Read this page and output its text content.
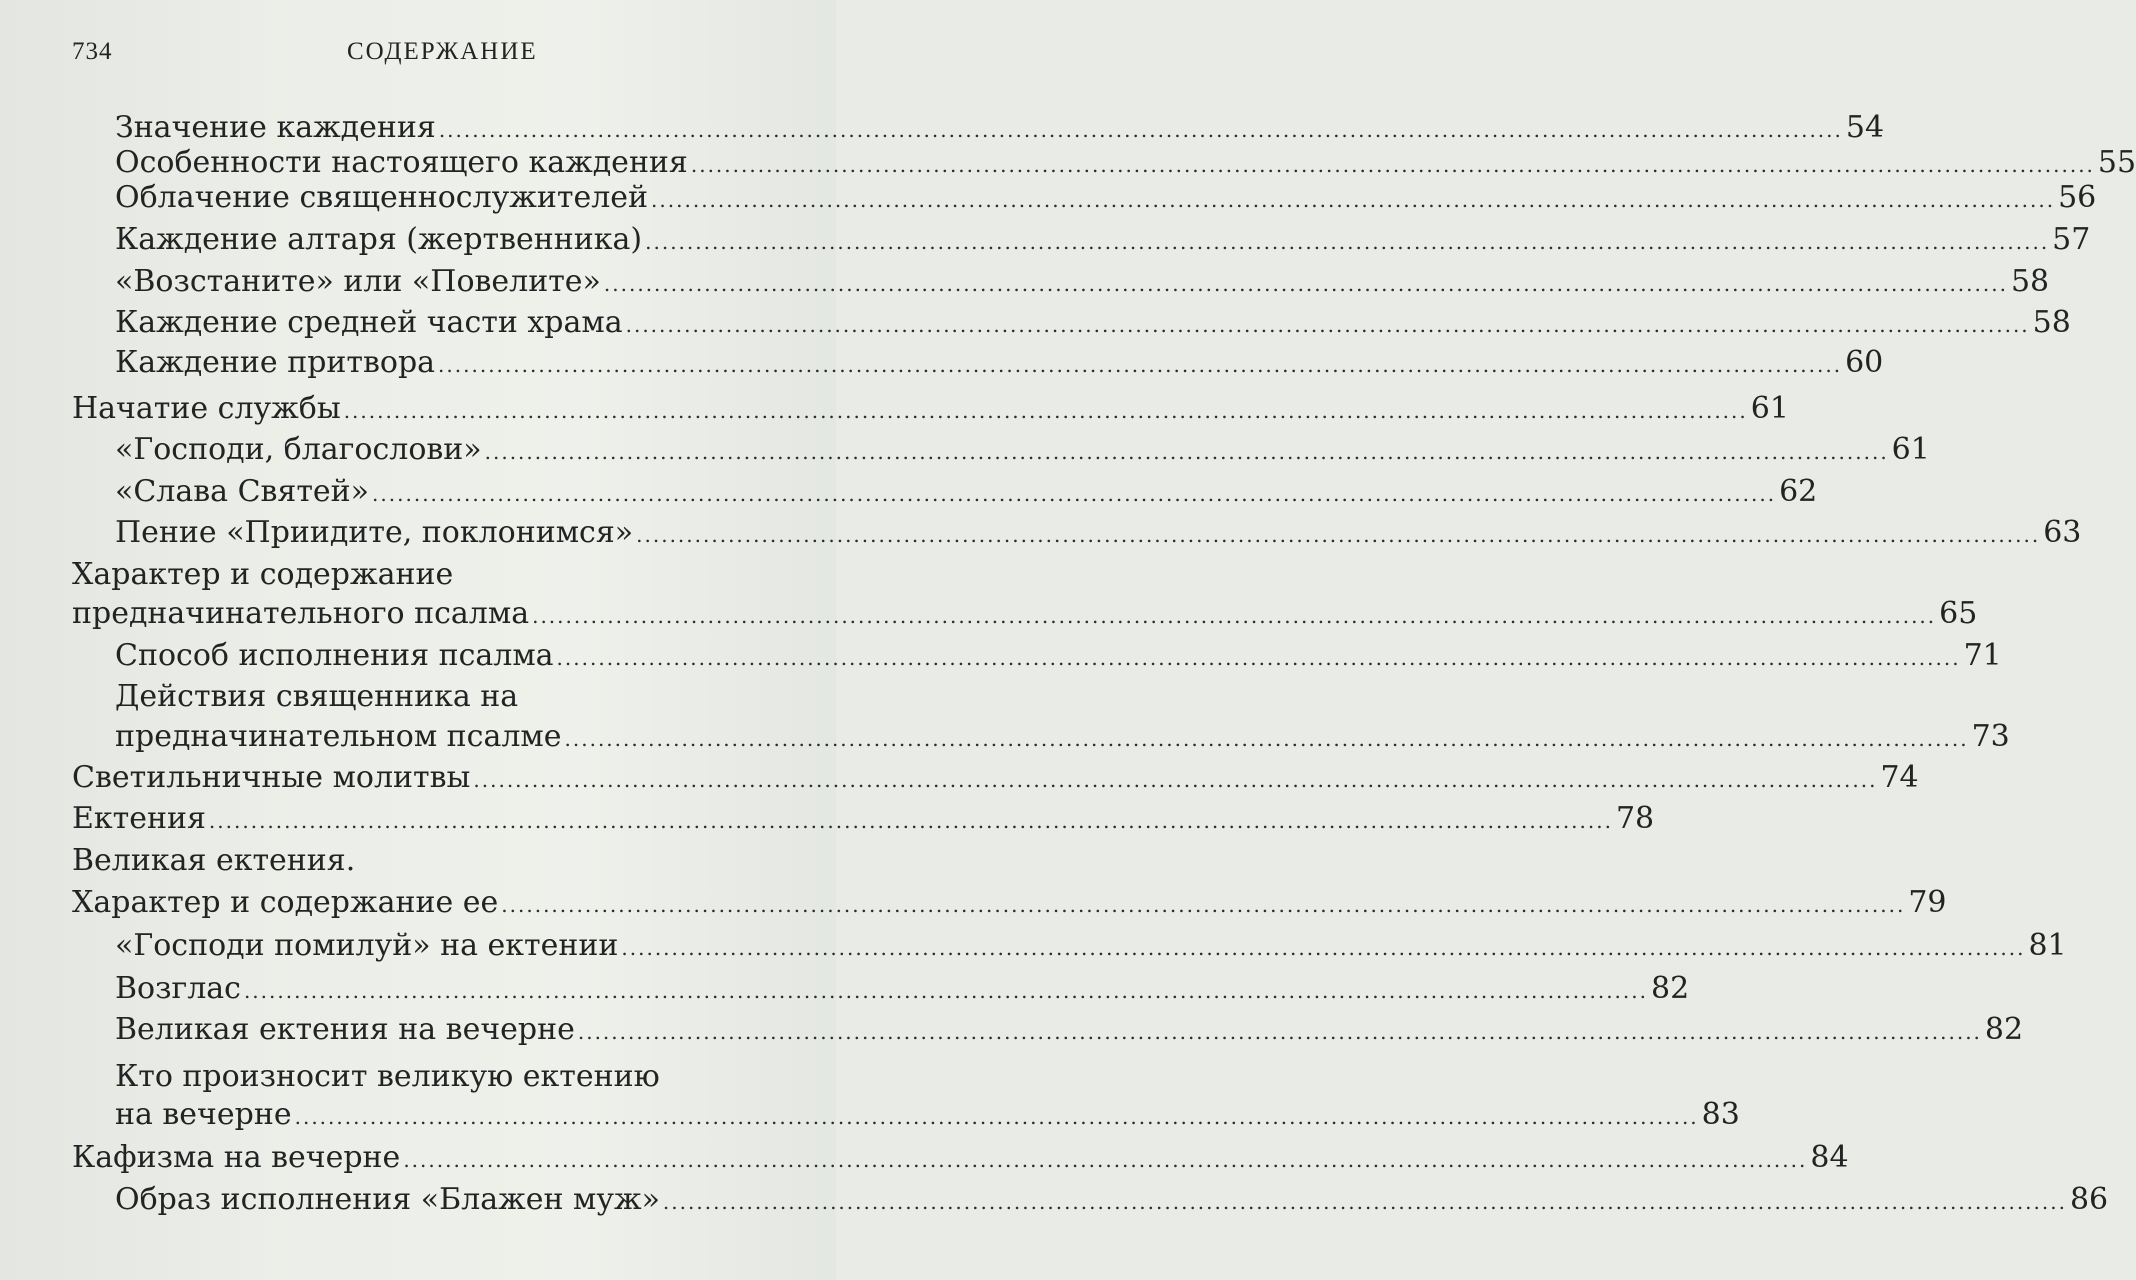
734	СОДЕРЖАНИЕ
Значение каждения .....	54
Особенности настоящего каждения .....	55
Облачение священнослужителей .....	56
Каждение алтаря (жертвенника) .....	57
«Возстаните» или «Повелите» .....	58
Каждение средней части храма .....	58
Каждение притвора .....	60
Начатие службы .....	61
«Господи, благослови» .....	61
«Слава Святей» .....	62
Пение «Приидите, поклонимся» .....	63
Характер и содержание
предначинательного псалма .....	65
Способ исполнения псалма .....	71
Действия священника на
предначинательном псалме .....	73
Светильничные молитвы .....	74
Ектения .....	78
Великая ектения.
Характер и содержание ее .....	79
«Господи помилуй» на ектении .....	81
Возглас .....	82
Великая ектения на вечерне .....	82
Кто произносит великую ектению
на вечерне .....	83
Кафизма на вечерне .....	84
Образ исполнения «Блажен муж» .....	86
